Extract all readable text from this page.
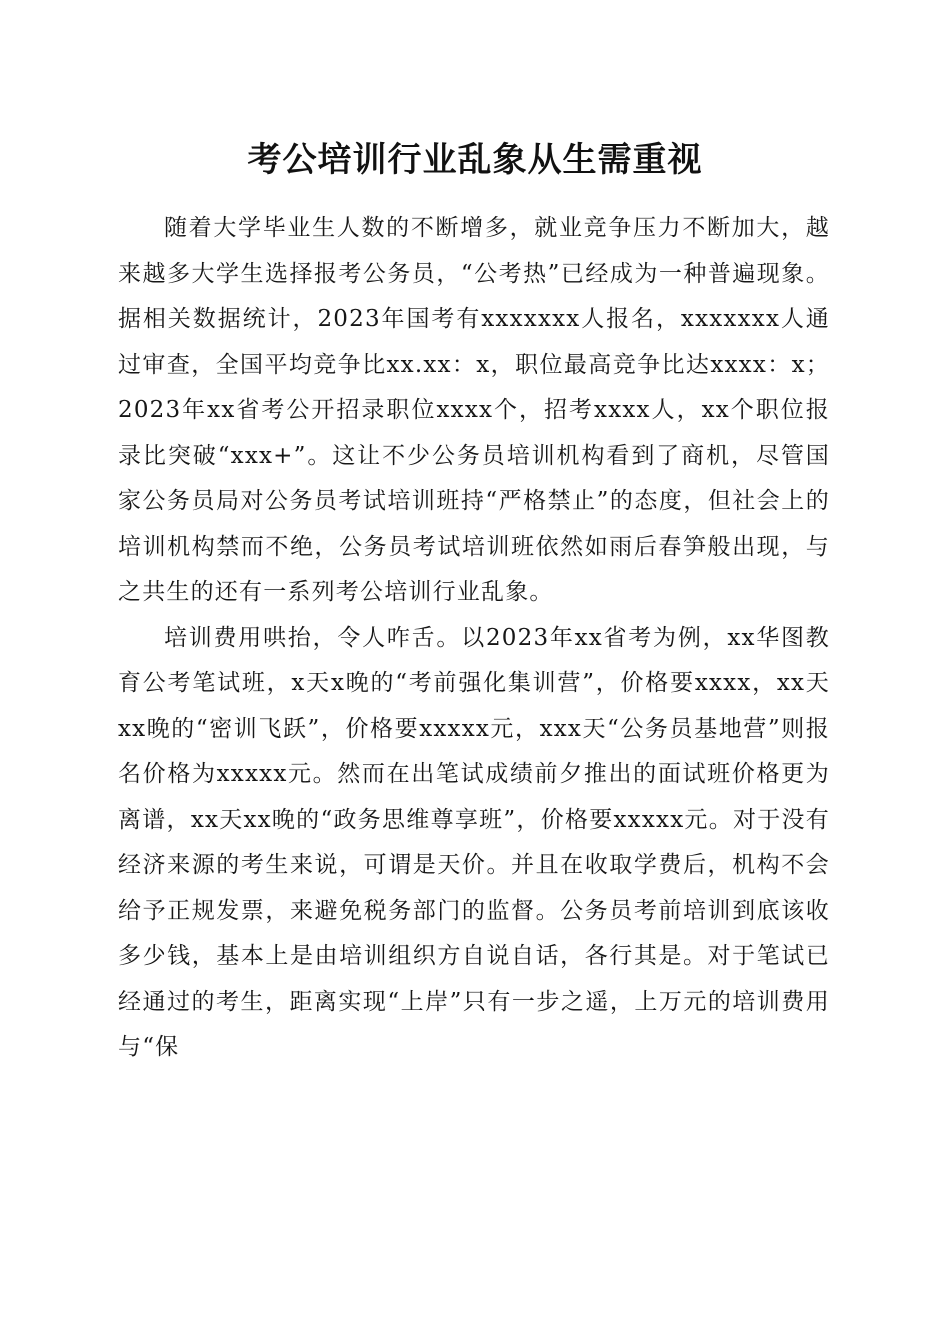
考公培训行业乱象从生需重视

随着大学毕业生人数的不断增多，就业竞争压力不断加大，越来越多大学生选择报考公务员，“公考热”已经成为一种普遍现象。据相关数据统计，2023年国考有xxxxxxx人报名，xxxxxxx人通过审查，全国平均竞争比xx.xx：x，职位最高竞争比达xxxx：x；2023年xx省考公开招录职位xxxx个，招考xxxx人，xx个职位报录比突破“xxx+”。这让不少公务员培训机构看到了商机，尽管国家公务员局对公务员考试培训班持“严格禁止”的态度，但社会上的培训机构禁而不绝，公务员考试培训班依然如雨后春笋般出现，与之共生的还有一系列考公培训行业乱象。

培训费用哄抬，令人咋舌。以2023年xx省考为例，xx华图教育公考笔试班，x天x晚的“考前强化集训营”，价格要xxxx，xx天xx晚的“密训飞跃”，价格要xxxxx元，xxx天“公务员基地营”则报名价格为xxxxx元。然而在出笔试成绩前夕推出的面试班价格更为离谱，xx天xx晚的“政务思维尊享班”，价格要xxxxx元。对于没有经济来源的考生来说，可谓是天价。并且在收取学费后，机构不会给予正规发票，来避免税务部门的监督。公务员考前培训到底该收多少钱，基本上是由培训组织方自说自话，各行其是。对于笔试已经通过的考生，距离实现“上岸”只有一步之遥，上万元的培训费用与“保
